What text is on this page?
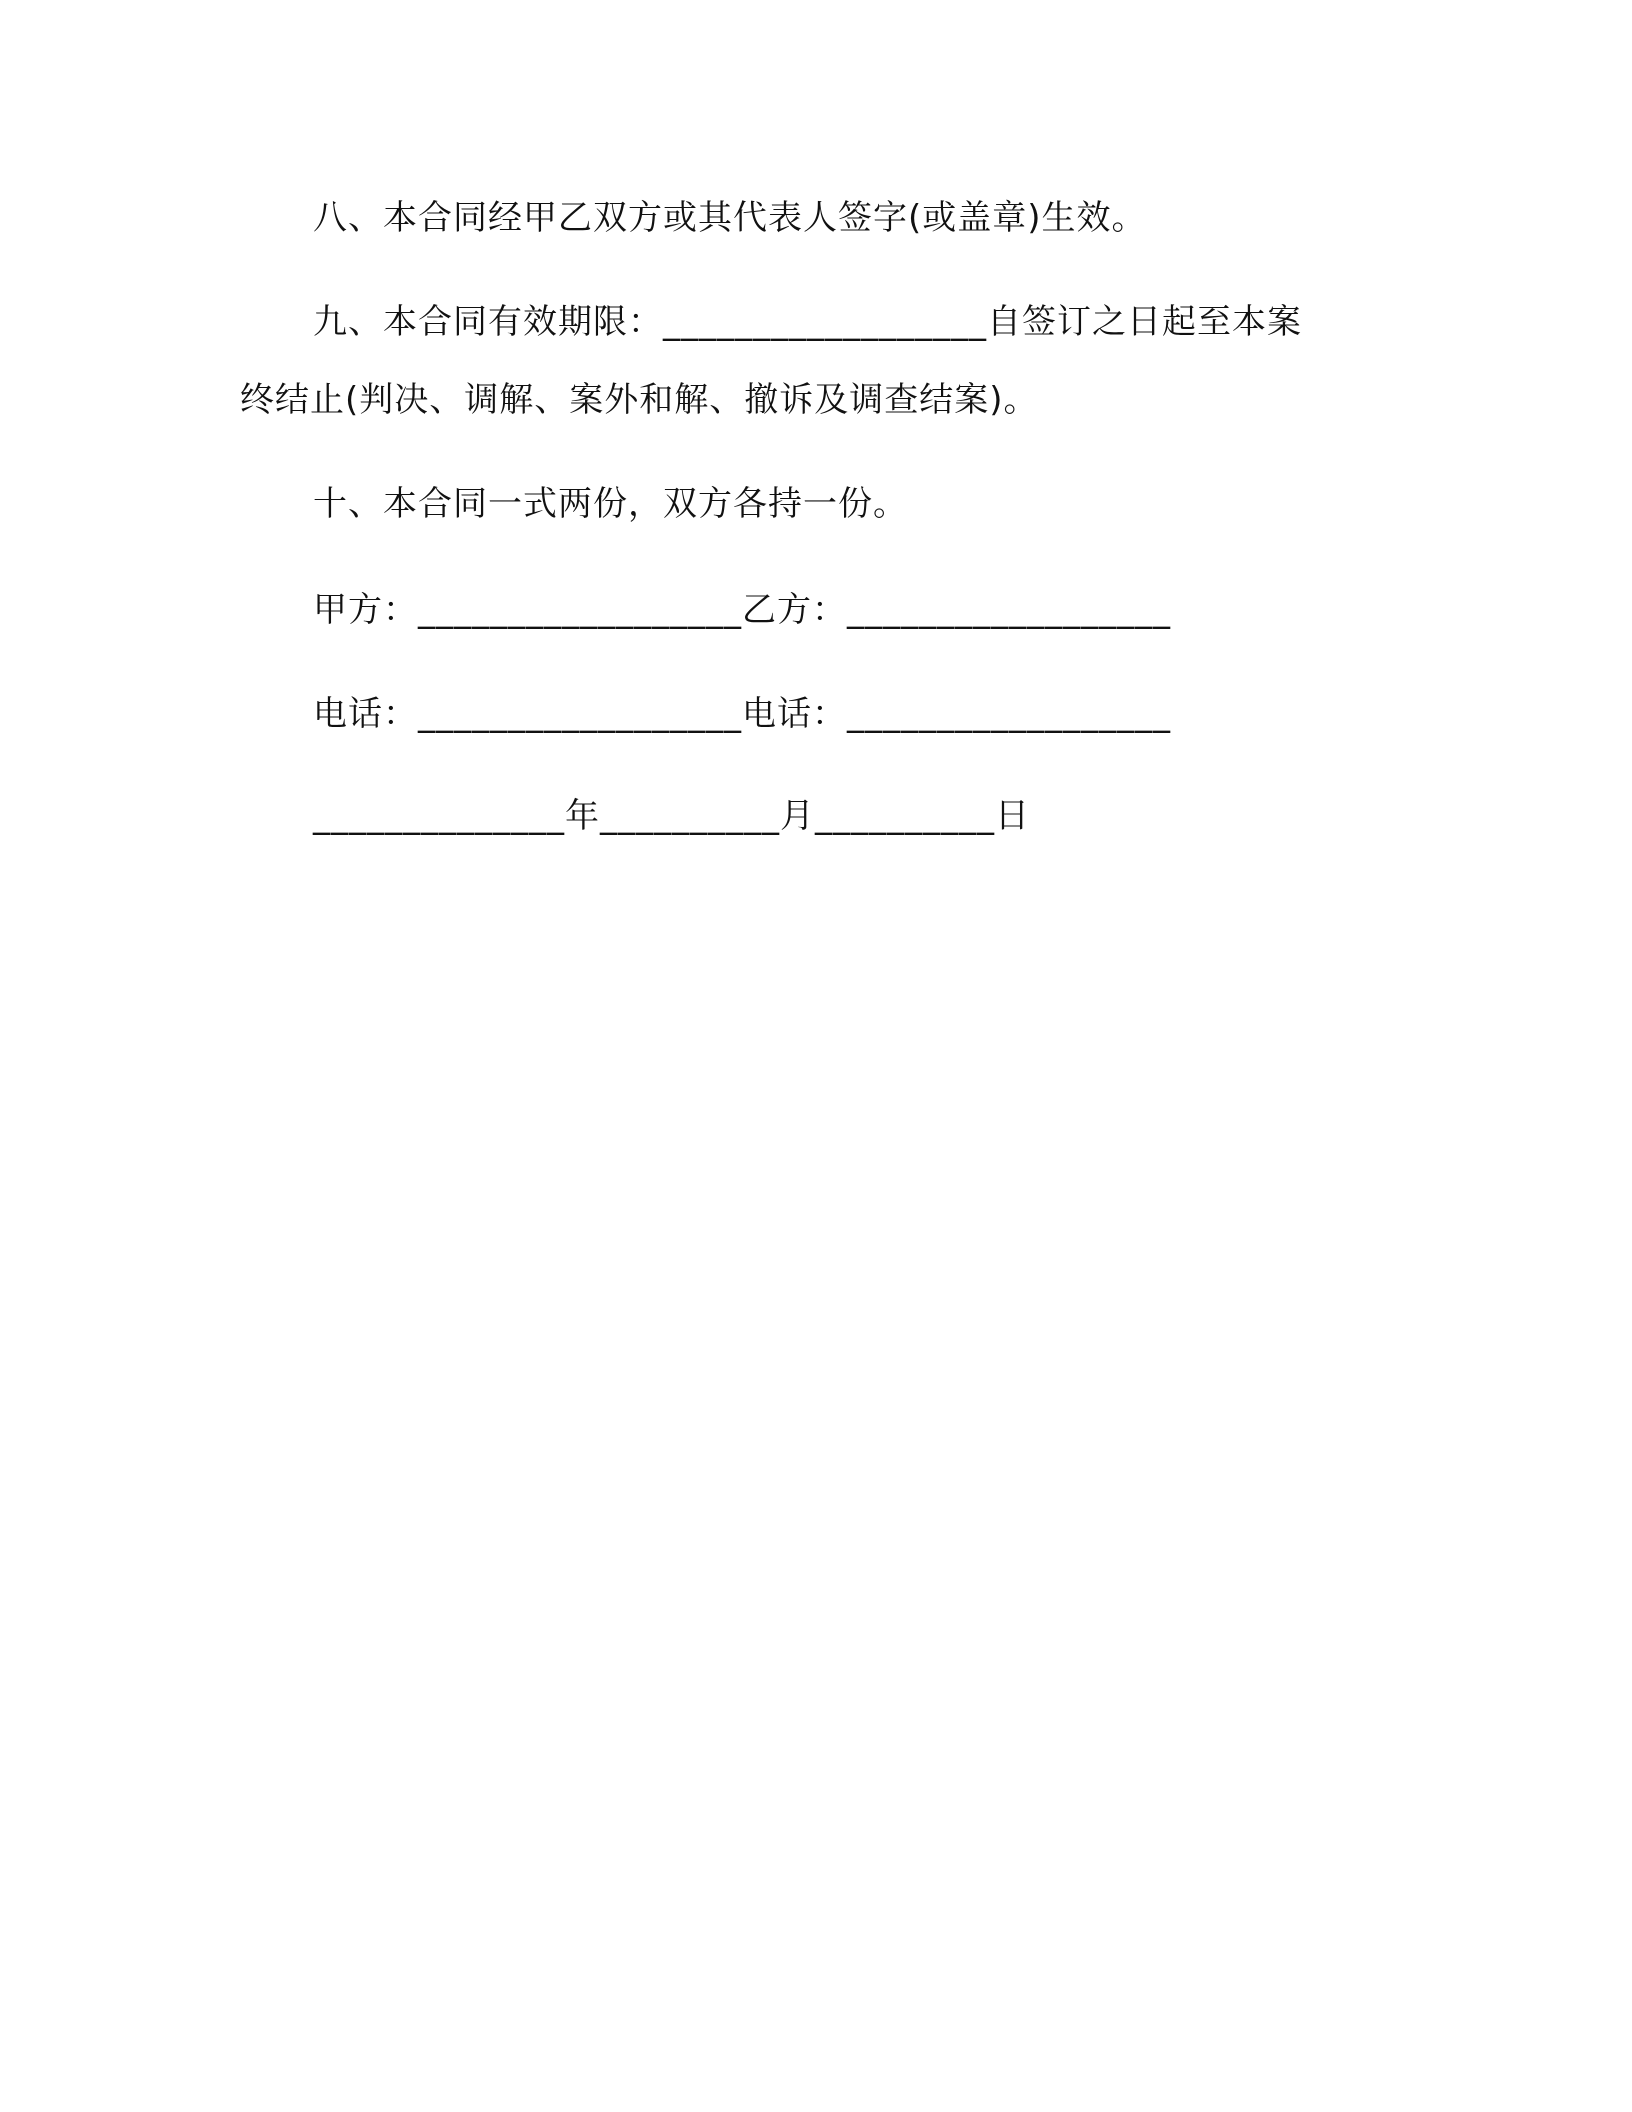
八、本合同经甲乙双方或其代表人签字(或盖章)生效。
九、本合同有效期限：__________________自签订之日起至本案
终结止(判决、调解、案外和解、撤诉及调查结案)。
十、本合同一式两份，双方各持一份。
甲方：__________________乙方：__________________
电话：__________________电话：__________________
______________年__________月__________日
